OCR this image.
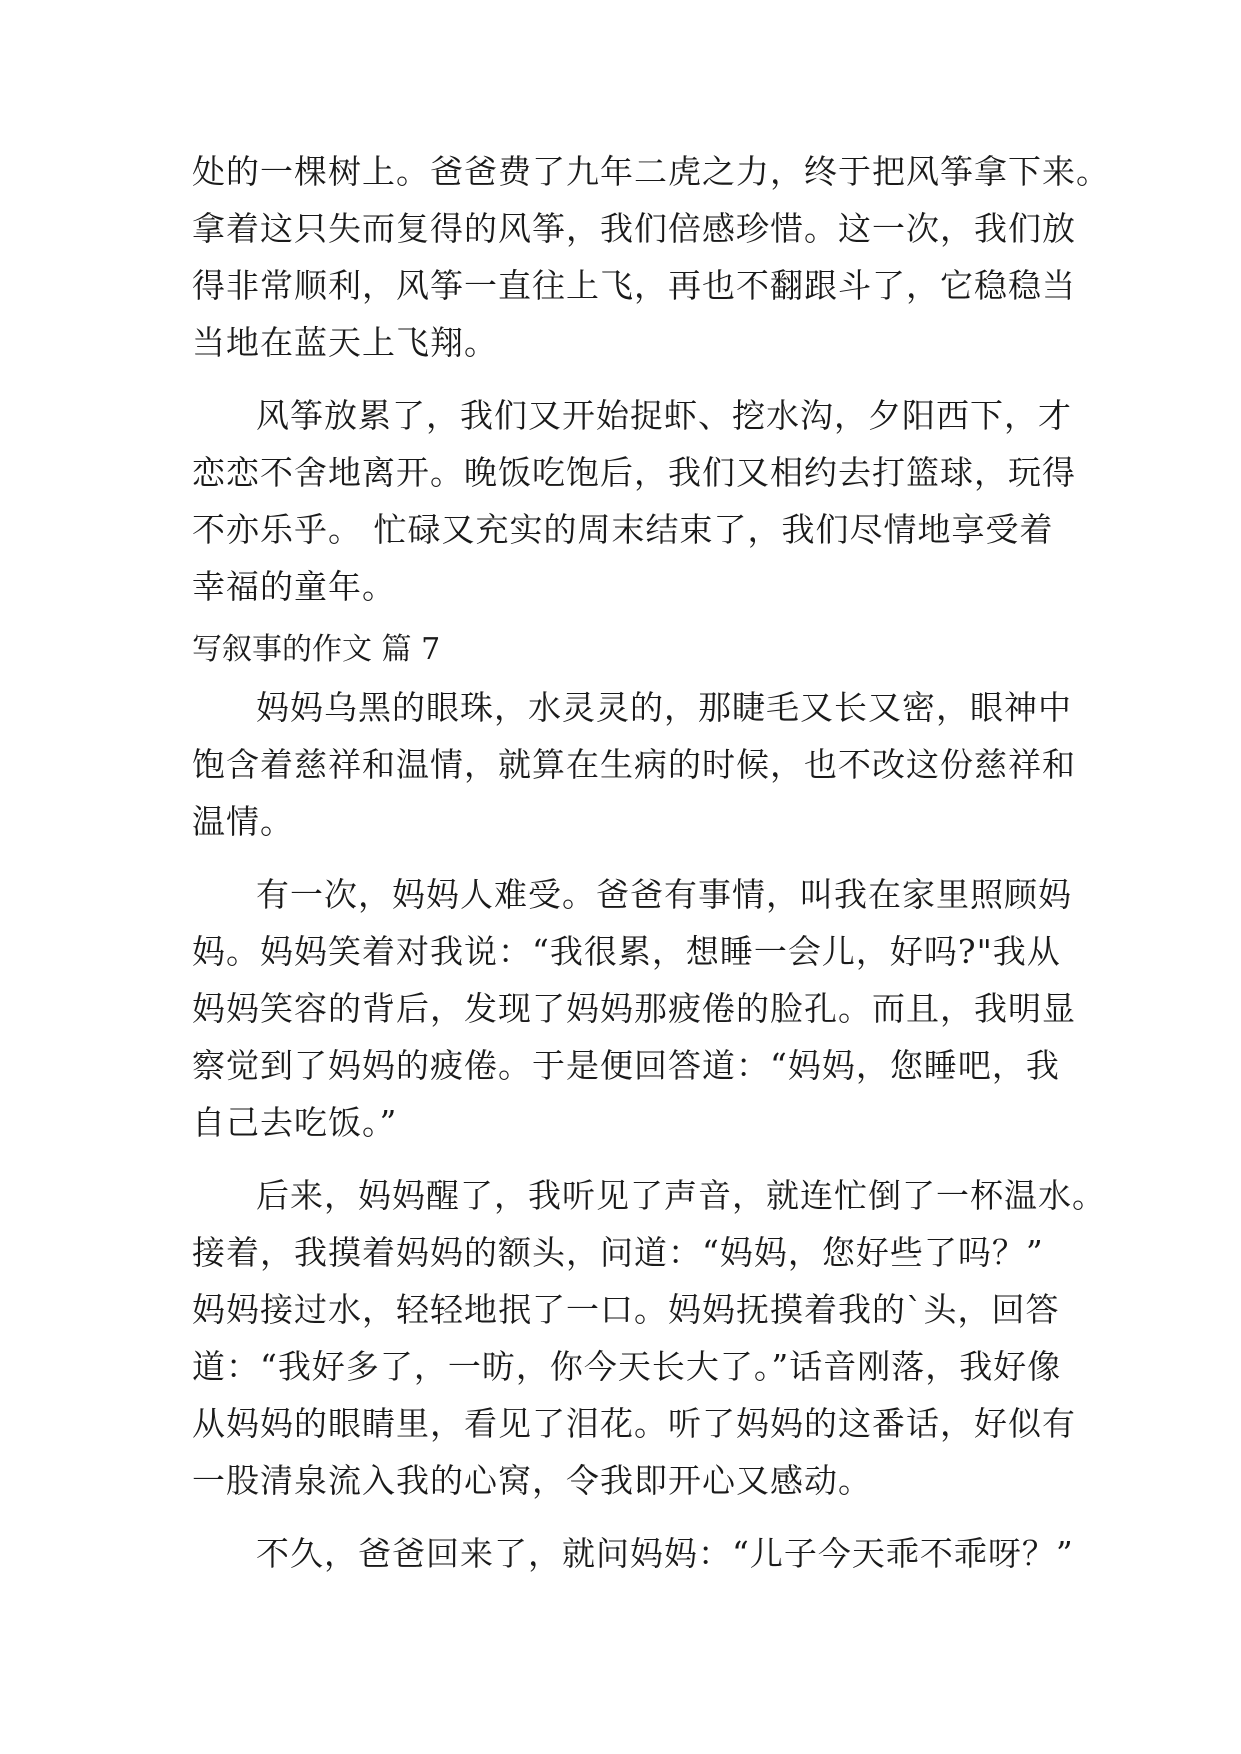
处的一棵树上。爸爸费了九年二虎之力，终于把风筝拿下来。
拿着这只失而复得的风筝，我们倍感珍惜。这一次，我们放
得非常顺利，风筝一直往上飞，再也不翻跟斗了，它稳稳当
当地在蓝天上飞翔。
风筝放累了，我们又开始捉虾、挖水沟，夕阳西下，才
恋恋不舍地离开。晚饭吃饱后，我们又相约去打篮球，玩得
不亦乐乎。 忙碌又充实的周末结束了，我们尽情地享受着
幸福的童年。
写叙事的作文 篇 7
妈妈乌黑的眼珠，水灵灵的，那睫毛又长又密，眼神中
饱含着慈祥和温情，就算在生病的时候，也不改这份慈祥和
温情。
有一次，妈妈人难受。爸爸有事情，叫我在家里照顾妈
妈。妈妈笑着对我说：“我很累，想睡一会儿，好吗?"我从
妈妈笑容的背后，发现了妈妈那疲倦的脸孔。而且，我明显
察觉到了妈妈的疲倦。于是便回答道：“妈妈，您睡吧，我
自己去吃饭。”
后来，妈妈醒了，我听见了声音，就连忙倒了一杯温水。
接着，我摸着妈妈的额头，问道：“妈妈，您好些了吗？”
妈妈接过水，轻轻地抿了一口。妈妈抚摸着我的`头，回答
道：“我好多了，一昉，你今天长大了。”话音刚落，我好像
从妈妈的眼睛里，看见了泪花。听了妈妈的这番话，好似有
一股清泉流入我的心窝，令我即开心又感动。
不久，爸爸回来了，就问妈妈：“儿子今天乖不乖呀？”
